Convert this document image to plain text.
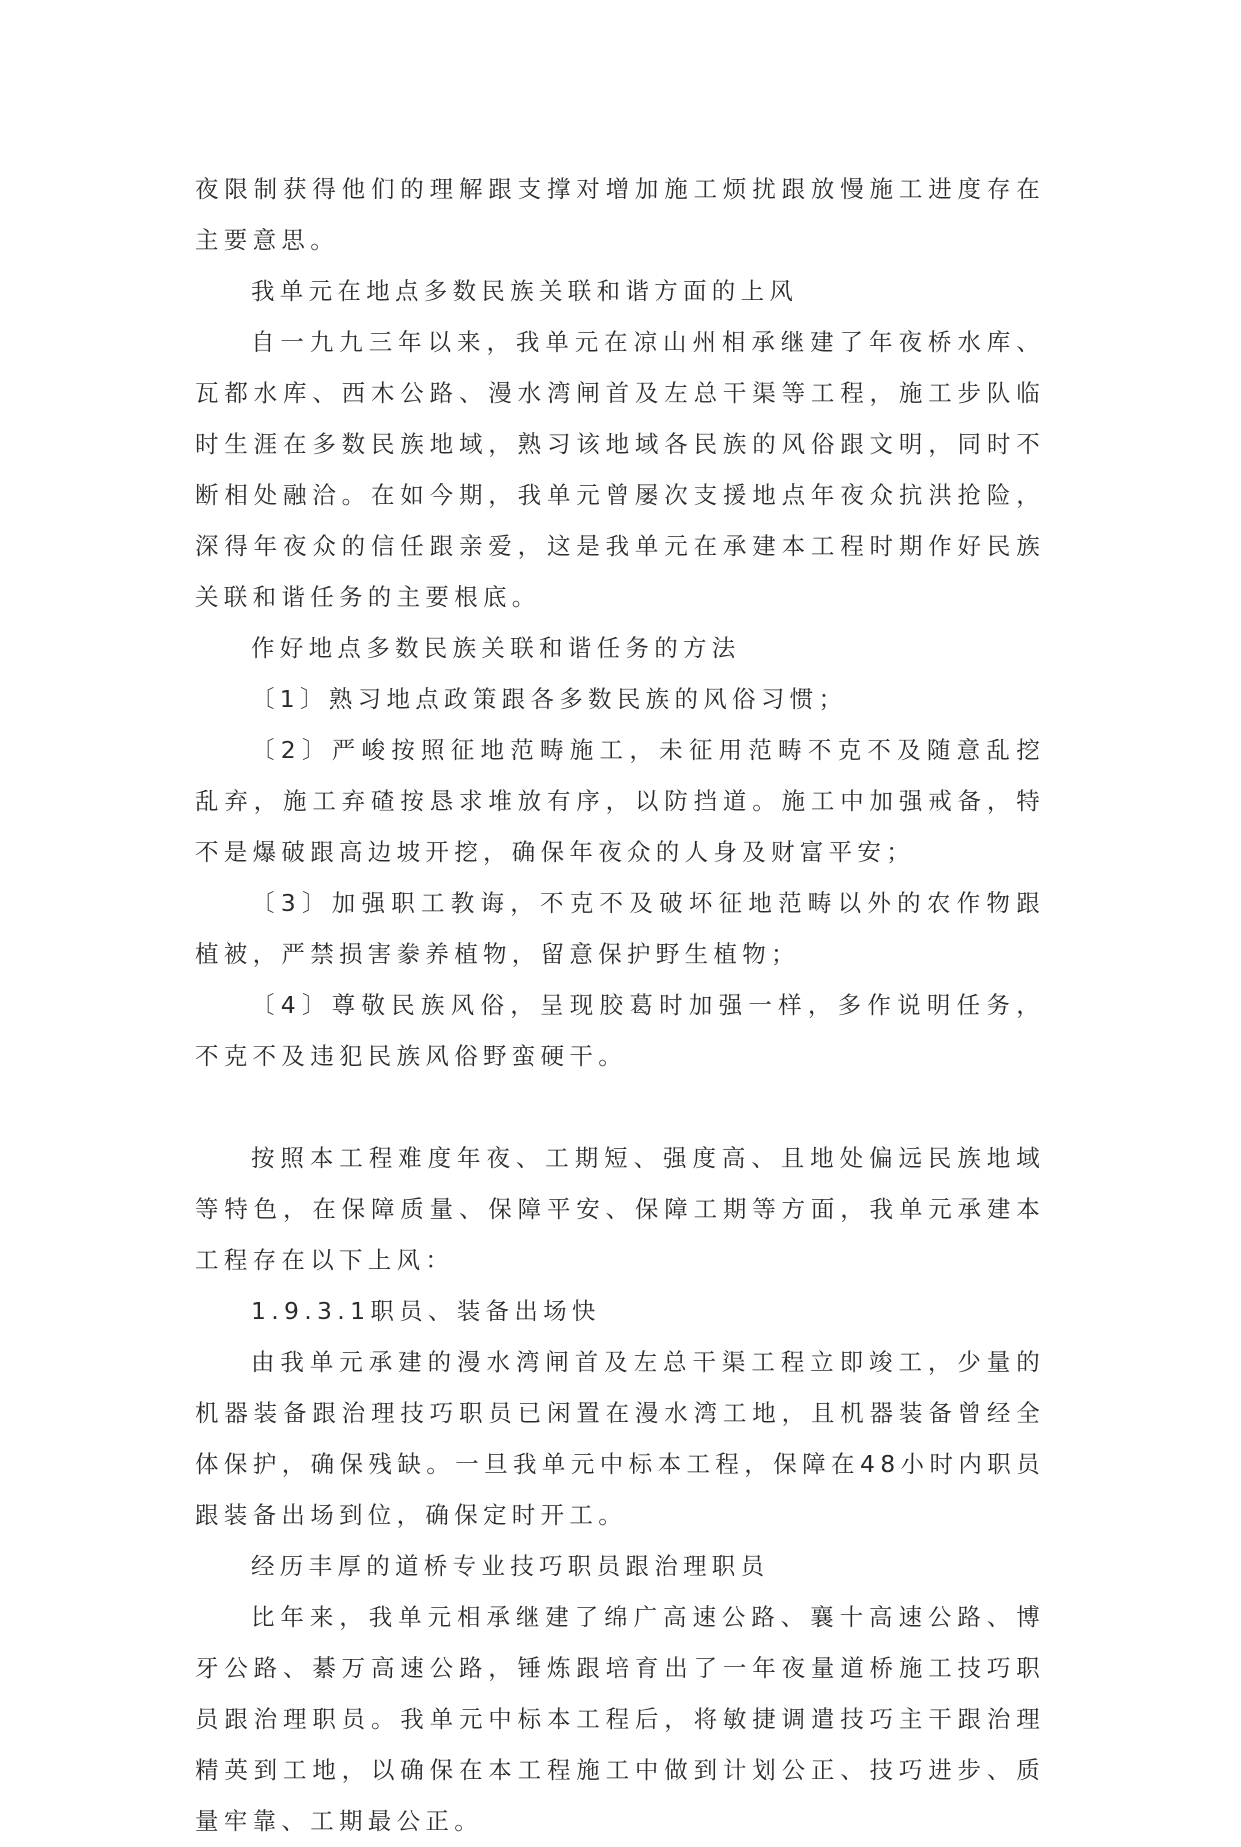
夜限制获得他们的理解跟支撑对增加施工烦扰跟放慢施工进度存在主要意思。

我单元在地点多数民族关联和谐方面的上风

自一九九三年以来，我单元在凉山州相承继建了年夜桥水库、瓦都水库、西木公路、漫水湾闸首及左总干渠等工程，施工步队临时生涯在多数民族地域，熟习该地域各民族的风俗跟文明，同时不断相处融洽。在如今期，我单元曾屡次支援地点年夜众抗洪抢险，深得年夜众的信任跟亲爱，这是我单元在承建本工程时期作好民族关联和谐任务的主要根底。

作好地点多数民族关联和谐任务的方法

〔1〕熟习地点政策跟各多数民族的风俗习惯；

〔2〕严峻按照征地范畴施工，未征用范畴不克不及随意乱挖乱弃，施工弃碴按恳求堆放有序，以防挡道。施工中加强戒备，特不是爆破跟高边坡开挖，确保年夜众的人身及财富平安；

〔3〕加强职工教诲，不克不及破坏征地范畴以外的农作物跟植被，严禁损害豢养植物，留意保护野生植物；

〔4〕尊敬民族风俗，呈现胶葛时加强一样，多作说明任务，不克不及违犯民族风俗野蛮硬干。

按照本工程难度年夜、工期短、强度高、且地处偏远民族地域等特色，在保障质量、保障平安、保障工期等方面，我单元承建本工程存在以下上风：

1.9.3.1职员、装备出场快

由我单元承建的漫水湾闸首及左总干渠工程立即竣工，少量的机器装备跟治理技巧职员已闲置在漫水湾工地，且机器装备曾经全体保护，确保残缺。一旦我单元中标本工程，保障在48小时内职员跟装备出场到位，确保定时开工。

经历丰厚的道桥专业技巧职员跟治理职员

比年来，我单元相承继建了绵广高速公路、襄十高速公路、博牙公路、綦万高速公路，锤炼跟培育出了一年夜量道桥施工技巧职员跟治理职员。我单元中标本工程后，将敏捷调遣技巧主干跟治理精英到工地，以确保在本工程施工中做到计划公正、技巧进步、质量牢靠、工期最公正。
